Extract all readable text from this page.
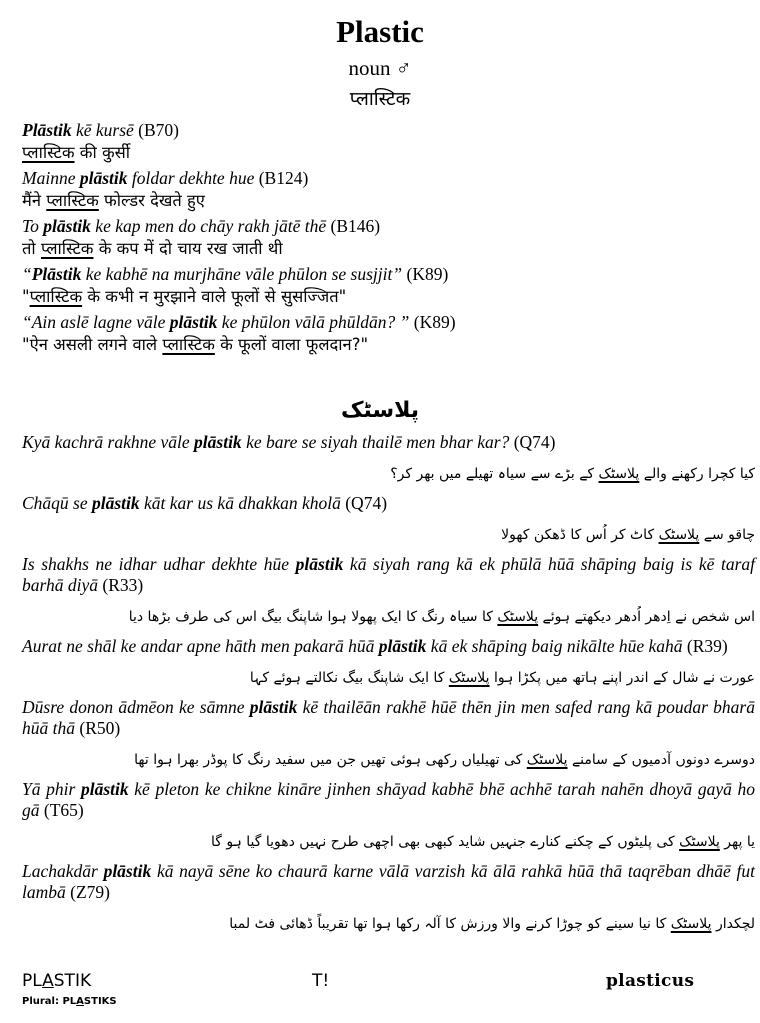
Plastic
noun ♂
प्लास्टिक
Plāstik kē kursē (B70)
प्लास्टिक की कुर्सी
Mainne plāstik foldar dekhte hue (B124)
मैंने प्लास्टिक फोल्डर देखते हुए
To plāstik ke kap men do chāy rakh jātē thē (B146)
तो प्लास्टिक के कप में दो चाय रख जाती थी
“Plāstik ke kabhē na murjhāne vāle phūlon se susjjit” (K89)
"प्लास्टिक के कभी न मुरझाने वाले फूलों से सुसज्जित"
“Ain aslē lagne vāle plāstik ke phūlon vālā phūldān? ” (K89)
"ऐन असली लगने वाले प्लास्टिक के फूलों वाला फूलदान?"
پلاسٹک
Kyā kachrā rakhne vāle plāstik ke bare se siyah thailē men bhar kar? (Q74)
کیا کچرا رکھنے والے پلاسٹک کے بڑے سے سیاہ تھیلے میں بھر کر؟
Chāqū se plāstik kāt kar us kā dhakkan kholā (Q74)
چاقو سے پلاسٹک کاٹ کر اُس کا ڈھکن کھولا
Is shakhs ne idhar udhar dekhte hūe plāstik kā siyah rang kā ek phūlā hūā shāping baig is kē taraf barhā diyā (R33)
اس شخص نے اِدھر اُدھر دیکھتے ہوئے پلاسٹک کا سیاہ رنگ کا ایک پھولا ہوا شاپنگ بیگ اس کی طرف بڑھا دیا
Aurat ne shāl ke andar apne hāth men pakarā hūā plāstik kā ek shāping baig nikālte hūe kahā (R39)
عورت نے شال کے اندر اپنے ہاتھ میں پکڑا ہوا پلاسٹک کا ایک شاپنگ بیگ نکالتے ہوئے کہا
Dūsre donon ādmēon ke sāmne plāstik kē thailēān rakhē hūē thēn jin men safed rang kā poudar bharā hūā thā (R50)
دوسرے دونوں آدمیوں کے سامنے پلاسٹک کی تھیلیاں رکھی ہوئی تھیں جن میں سفید رنگ کا پوڈر بھرا ہوا تھا
Yā phir plāstik kē pleton ke chikne kināre jinhen shāyad kabhē bhē achhē tarah nahēn dhoyā gayā ho gā (T65)
یا پھر پلاسٹک کی پلیٹوں کے چکنے کنارے جنہیں شاید کبھی بھی اچھی طرح نہیں دھویا گیا ہو گا
Lachakdār plāstik kā nayā sēne ko chaurā karne vālā varzish kā ālā rahkā hūā thā taqrēban dhāē fut lambā (Z79)
لچکدار پلاسٹک کا نیا سینے کو چوڑا کرنے والا ورزش کا آلہ رکھا ہوا تھا تقریباً ڈھائی فٹ لمبا
PLASTIK
Plural: PLASTIKS
T!	plasticus
